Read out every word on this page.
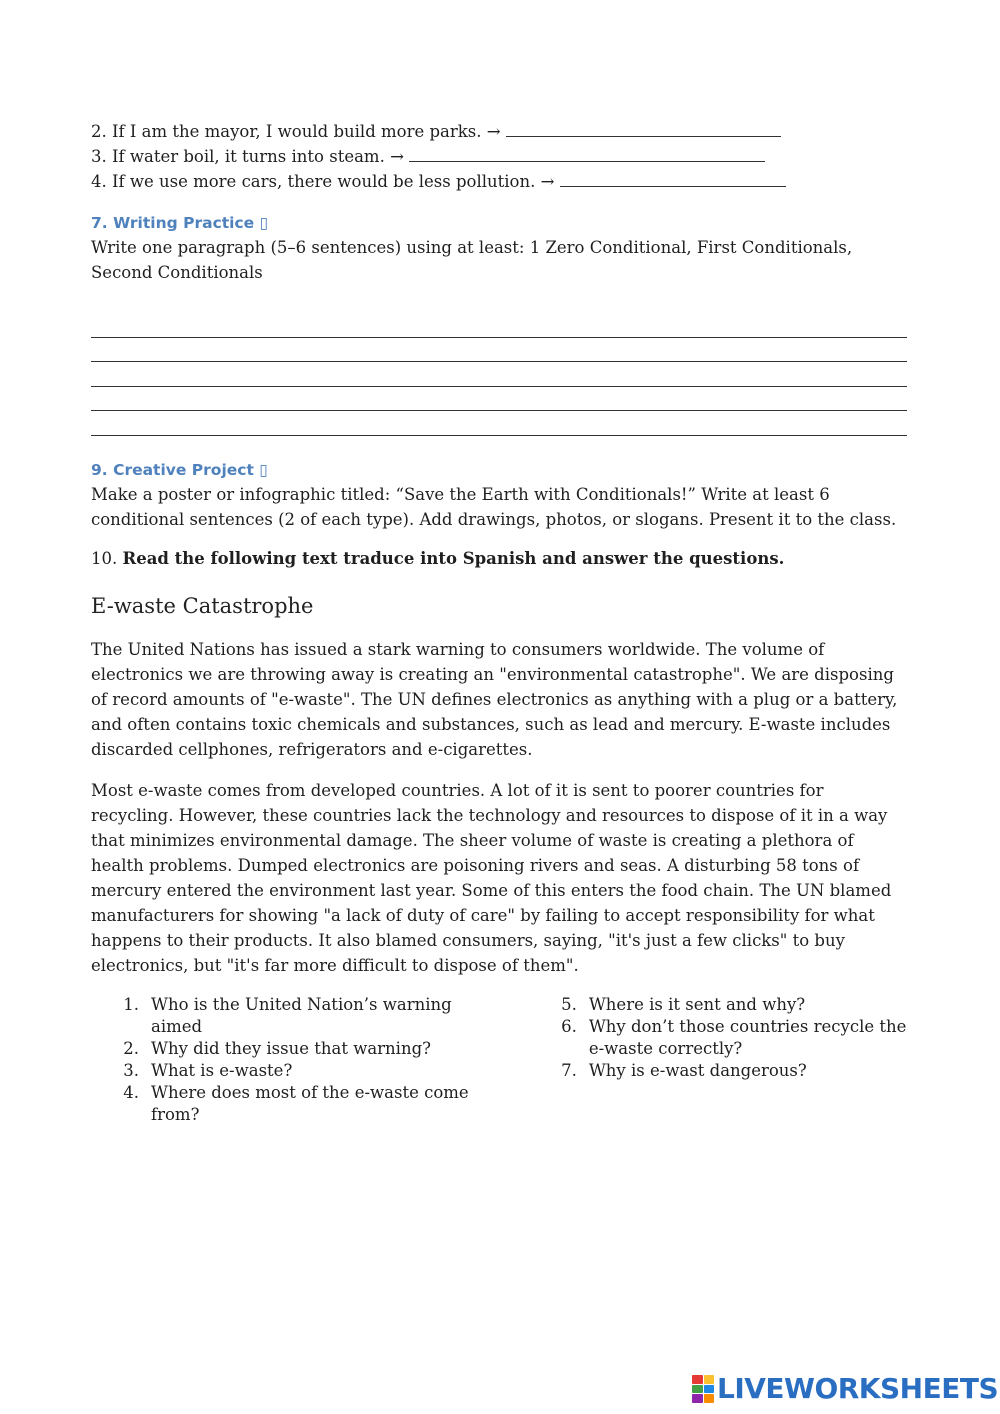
2. If I am the mayor, I would build more parks. →
3. If water boil, it turns into steam. →
4. If we use more cars, there would be less pollution. →
7. Writing Practice ▯

Write one paragraph (5–6 sentences) using at least: 1 Zero Conditional, First Conditionals, Second Conditionals

9. Creative Project ▯

Make a poster or infographic titled: “Save the Earth with Conditionals!” Write at least 6 conditional sentences (2 of each type). Add drawings, photos, or slogans. Present it to the class.

10. Read the following text traduce into Spanish and answer the questions.

E-waste Catastrophe

The United Nations has issued a stark warning to consumers worldwide. The volume of electronics we are throwing away is creating an "environmental catastrophe". We are disposing of record amounts of "e-waste". The UN defines electronics as anything with a plug or a battery, and often contains toxic chemicals and substances, such as lead and mercury. E-waste includes discarded cellphones, refrigerators and e-cigarettes.

Most e-waste comes from developed countries. A lot of it is sent to poorer countries for recycling. However, these countries lack the technology and resources to dispose of it in a way that minimizes environmental damage. The sheer volume of waste is creating a plethora of health problems. Dumped electronics are poisoning rivers and seas. A disturbing 58 tons of mercury entered the environment last year. Some of this enters the food chain. The UN blamed manufacturers for showing "a lack of duty of care" by failing to accept responsibility for what happens to their products. It also blamed consumers, saying, "it's just a few clicks" to buy electronics, but "it's far more difficult to dispose of them".

1. Who is the United Nation’s warning aimed
2. Why did they issue that warning?
3. What is e-waste?
4. Where does most of the e-waste come from?
5. Where is it sent and why?
6. Why don’t those countries recycle the e-waste correctly?
7. Why is e-wast dangerous?
LIVEWORKSHEETS
